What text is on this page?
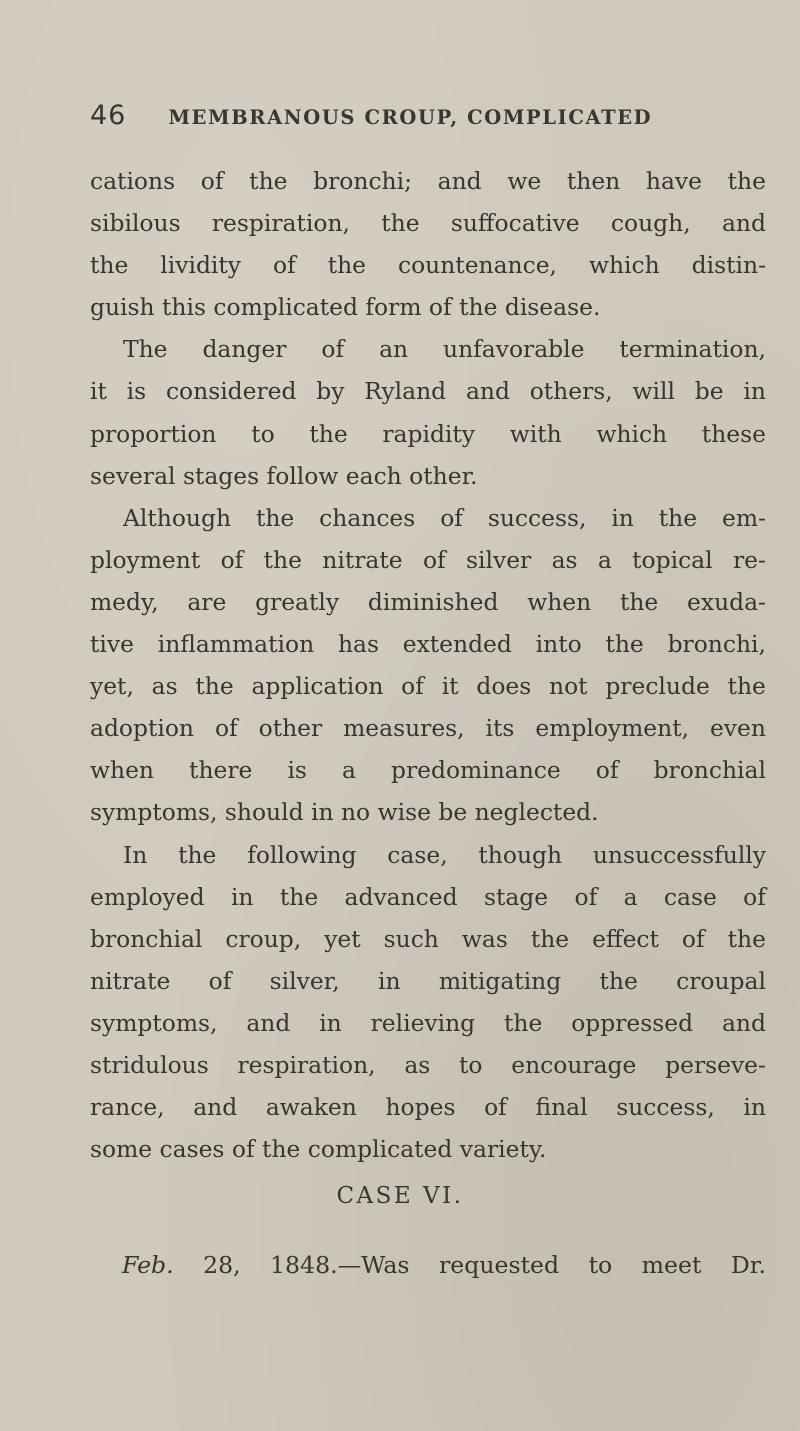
46 MEMBRANOUS CROUP, COMPLICATED
cations of the bronchi; and we then have the
sibilous respiration, the suffocative cough, and
the lividity of the countenance, which distin-
guish this complicated form of the disease.
The danger of an unfavorable termination,
it is considered by Ryland and others, will be in
proportion to the rapidity with which these
several stages follow each other.
Although the chances of success, in the em-
ployment of the nitrate of silver as a topical re-
medy, are greatly diminished when the exuda-
tive inflammation has extended into the bronchi,
yet, as the application of it does not preclude the
adoption of other measures, its employment, even
when there is a predominance of bronchial
symptoms, should in no wise be neglected.
In the following case, though unsuccessfully
employed in the advanced stage of a case of
bronchial croup, yet such was the effect of the
nitrate of silver, in mitigating the croupal
symptoms, and in relieving the oppressed and
stridulous respiration, as to encourage perseve-
rance, and awaken hopes of final success, in
some cases of the complicated variety.
CASE VI.
Feb. 28, 1848.—Was requested to meet Dr.
